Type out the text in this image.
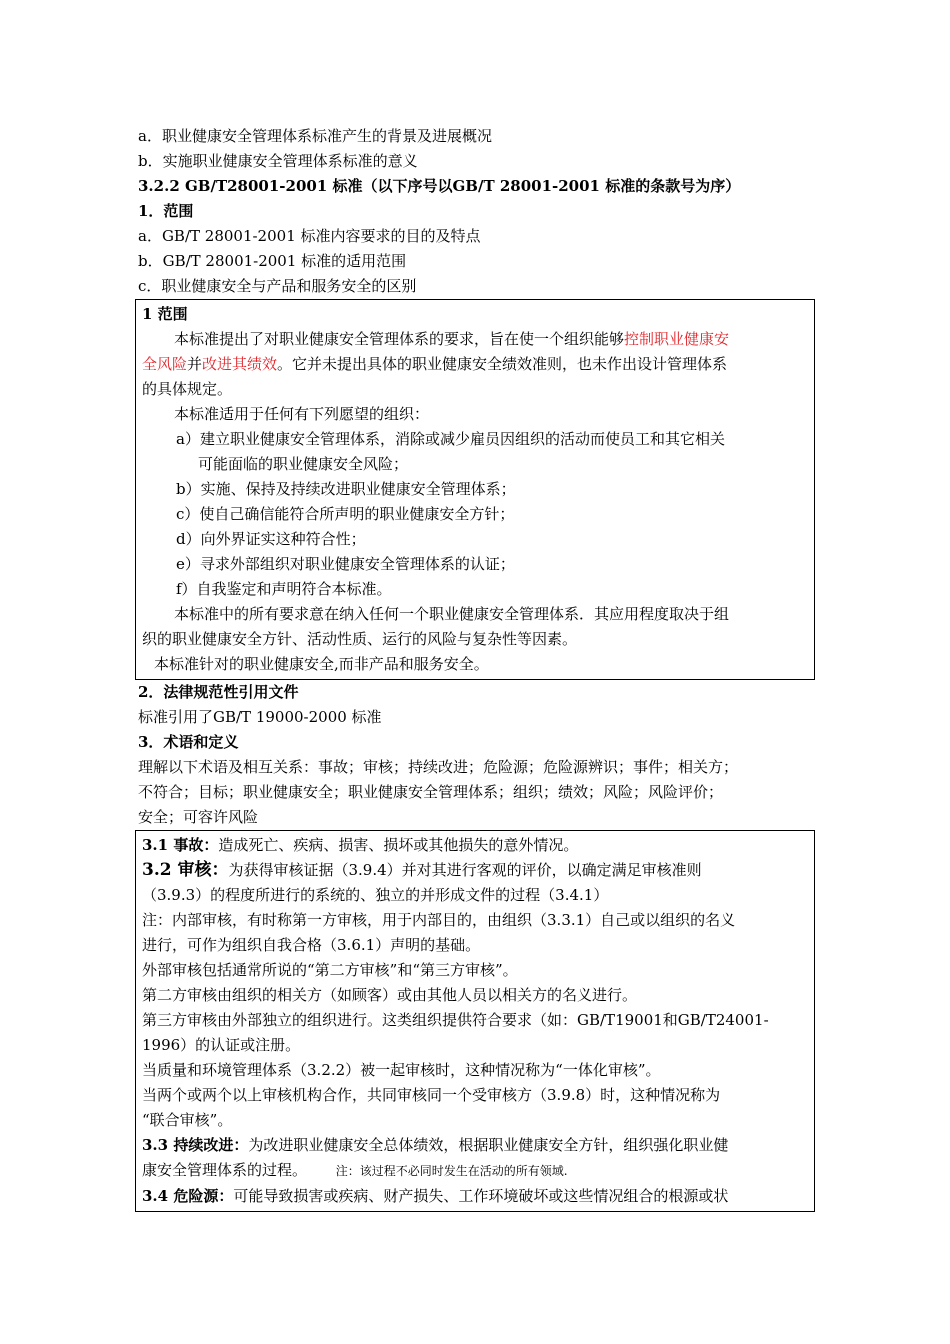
a．职业健康安全管理体系标准产生的背景及进展概况
b．实施职业健康安全管理体系标准的意义
3.2.2 GB/T28001-2001 标准（以下序号以GB/T 28001-2001 标准的条款号为序）
1．范围
a．GB/T 28001-2001 标准内容要求的目的及特点
b．GB/T 28001-2001 标准的适用范围
c．职业健康安全与产品和服务安全的区别
1 范围
本标准提出了对职业健康安全管理体系的要求，旨在使一个组织能够控制职业健康安
全风险并改进其绩效。它并未提出具体的职业健康安全绩效准则，也未作出设计管理体系
的具体规定。
本标准适用于任何有下列愿望的组织：
a）建立职业健康安全管理体系，消除或减少雇员因组织的活动而使员工和其它相关
可能面临的职业健康安全风险；
b）实施、保持及持续改进职业健康安全管理体系；
c）使自己确信能符合所声明的职业健康安全方针；
d）向外界证实这种符合性；
e）寻求外部组织对职业健康安全管理体系的认证；
f）自我鉴定和声明符合本标准。
本标准中的所有要求意在纳入任何一个职业健康安全管理体系．其应用程度取决于组
织的职业健康安全方针、活动性质、运行的风险与复杂性等因素。
本标准针对的职业健康安全,而非产品和服务安全。
2．法律规范性引用文件
标准引用了GB/T 19000-2000 标准
3．术语和定义
理解以下术语及相互关系：事故；审核；持续改进；危险源；危险源辨识；事件；相关方；
不符合；目标；职业健康安全；职业健康安全管理体系；组织；绩效；风险；风险评价；
安全；可容许风险
3.1 事故：造成死亡、疾病、损害、损坏或其他损失的意外情况。
3.2 审核：为获得审核证据（3.9.4）并对其进行客观的评价，以确定满足审核准则
（3.9.3）的程度所进行的系统的、独立的并形成文件的过程（3.4.1）
注：内部审核，有时称第一方审核，用于内部目的，由组织（3.3.1）自己或以组织的名义
进行，可作为组织自我合格（3.6.1）声明的基础。
外部审核包括通常所说的“第二方审核”和“第三方审核”。
第二方审核由组织的相关方（如顾客）或由其他人员以相关方的名义进行。
第三方审核由外部独立的组织进行。这类组织提供符合要求（如：GB/T19001和GB/T24001-
1996）的认证或注册。
当质量和环境管理体系（3.2.2）被一起审核时，这种情况称为“一体化审核”。
当两个或两个以上审核机构合作，共同审核同一个受审核方（3.9.8）时，这种情况称为
“联合审核”。
3.3 持续改进：为改进职业健康安全总体绩效，根据职业健康安全方针，组织强化职业健
康安全管理体系的过程。 注：该过程不必同时发生在活动的所有领域.
3.4 危险源：可能导致损害或疾病、财产损失、工作环境破坏或这些情况组合的根源或状
